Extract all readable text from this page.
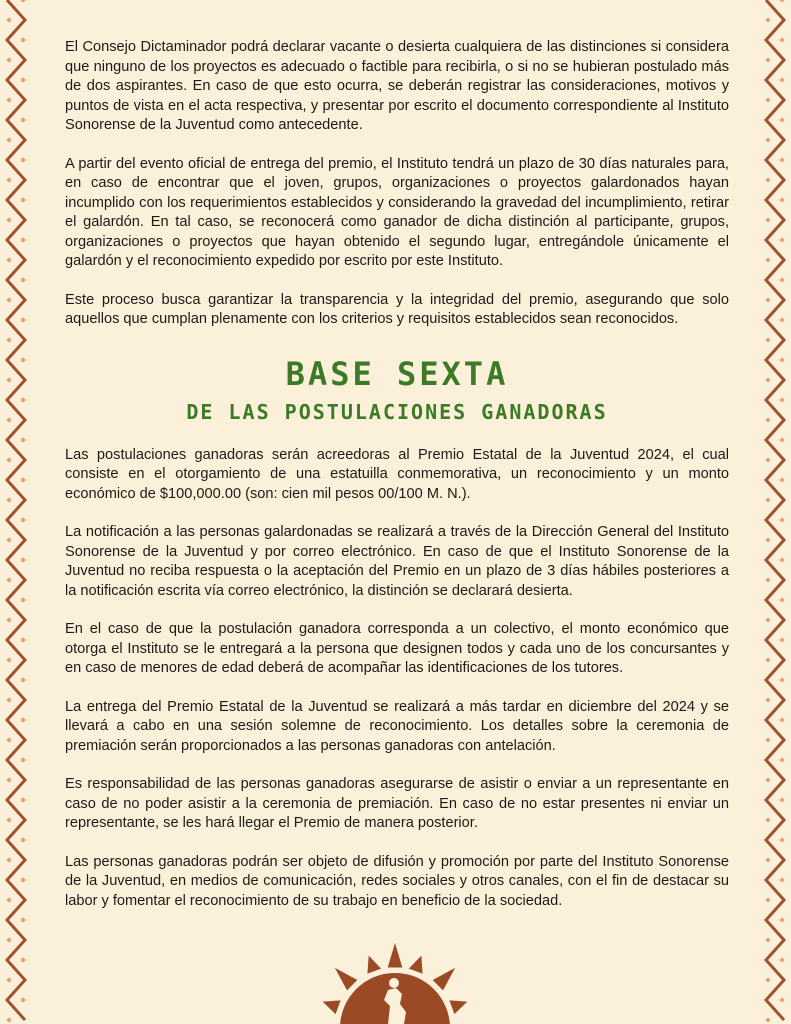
El Consejo Dictaminador podrá declarar vacante o desierta cualquiera de las distinciones si considera que ninguno de los proyectos es adecuado o factible para recibirla, o si no se hubieran postulado más de dos aspirantes. En caso de que esto ocurra, se deberán registrar las consideraciones, motivos y puntos de vista en el acta respectiva, y presentar por escrito el documento correspondiente al Instituto Sonorense de la Juventud como antecedente.

A partir del evento oficial de entrega del premio, el Instituto tendrá un plazo de 30 días naturales para, en caso de encontrar que el joven, grupos, organizaciones o proyectos galardonados hayan incumplido con los requerimientos establecidos y considerando la gravedad del incumplimiento, retirar el galardón. En tal caso, se reconocerá como ganador de dicha distinción al participante, grupos, organizaciones o proyectos que hayan obtenido el segundo lugar, entregándole únicamente el galardón y el reconocimiento expedido por escrito por este Instituto.

Este proceso busca garantizar la transparencia y la integridad del premio, asegurando que solo aquellos que cumplan plenamente con los criterios y requisitos establecidos sean reconocidos.

BASE SEXTA
DE LAS POSTULACIONES GANADORAS

Las postulaciones ganadoras serán acreedoras al Premio Estatal de la Juventud 2024, el cual consiste en el otorgamiento de una estatuilla conmemorativa, un reconocimiento y un monto económico de $100,000.00 (son: cien mil pesos 00/100 M. N.).

La notificación a las personas galardonadas se realizará a través de la Dirección General del Instituto Sonorense de la Juventud y por correo electrónico. En caso de que el Instituto Sonorense de la Juventud no reciba respuesta o la aceptación del Premio en un plazo de 3 días hábiles posteriores a la notificación escrita vía correo electrónico, la distinción se declarará desierta.

En el caso de que la postulación ganadora corresponda a un colectivo, el monto económico que otorga el Instituto se le entregará a la persona que designen todos y cada uno de los concursantes y en caso de menores de edad deberá de acompañar las identificaciones de los tutores.

La entrega del Premio Estatal de la Juventud se realizará a más tardar en diciembre del 2024 y se llevará a cabo en una sesión solemne de reconocimiento. Los detalles sobre la ceremonia de premiación serán proporcionados a las personas ganadoras con antelación.

Es responsabilidad de las personas ganadoras asegurarse de asistir o enviar a un representante en caso de no poder asistir a la ceremonia de premiación. En caso de no estar presentes ni enviar un representante, se les hará llegar el Premio de manera posterior.

Las personas ganadoras podrán ser objeto de difusión y promoción por parte del Instituto Sonorense de la Juventud, en medios de comunicación, redes sociales y otros canales, con el fin de destacar su labor y fomentar el reconocimiento de su trabajo en beneficio de la sociedad.
